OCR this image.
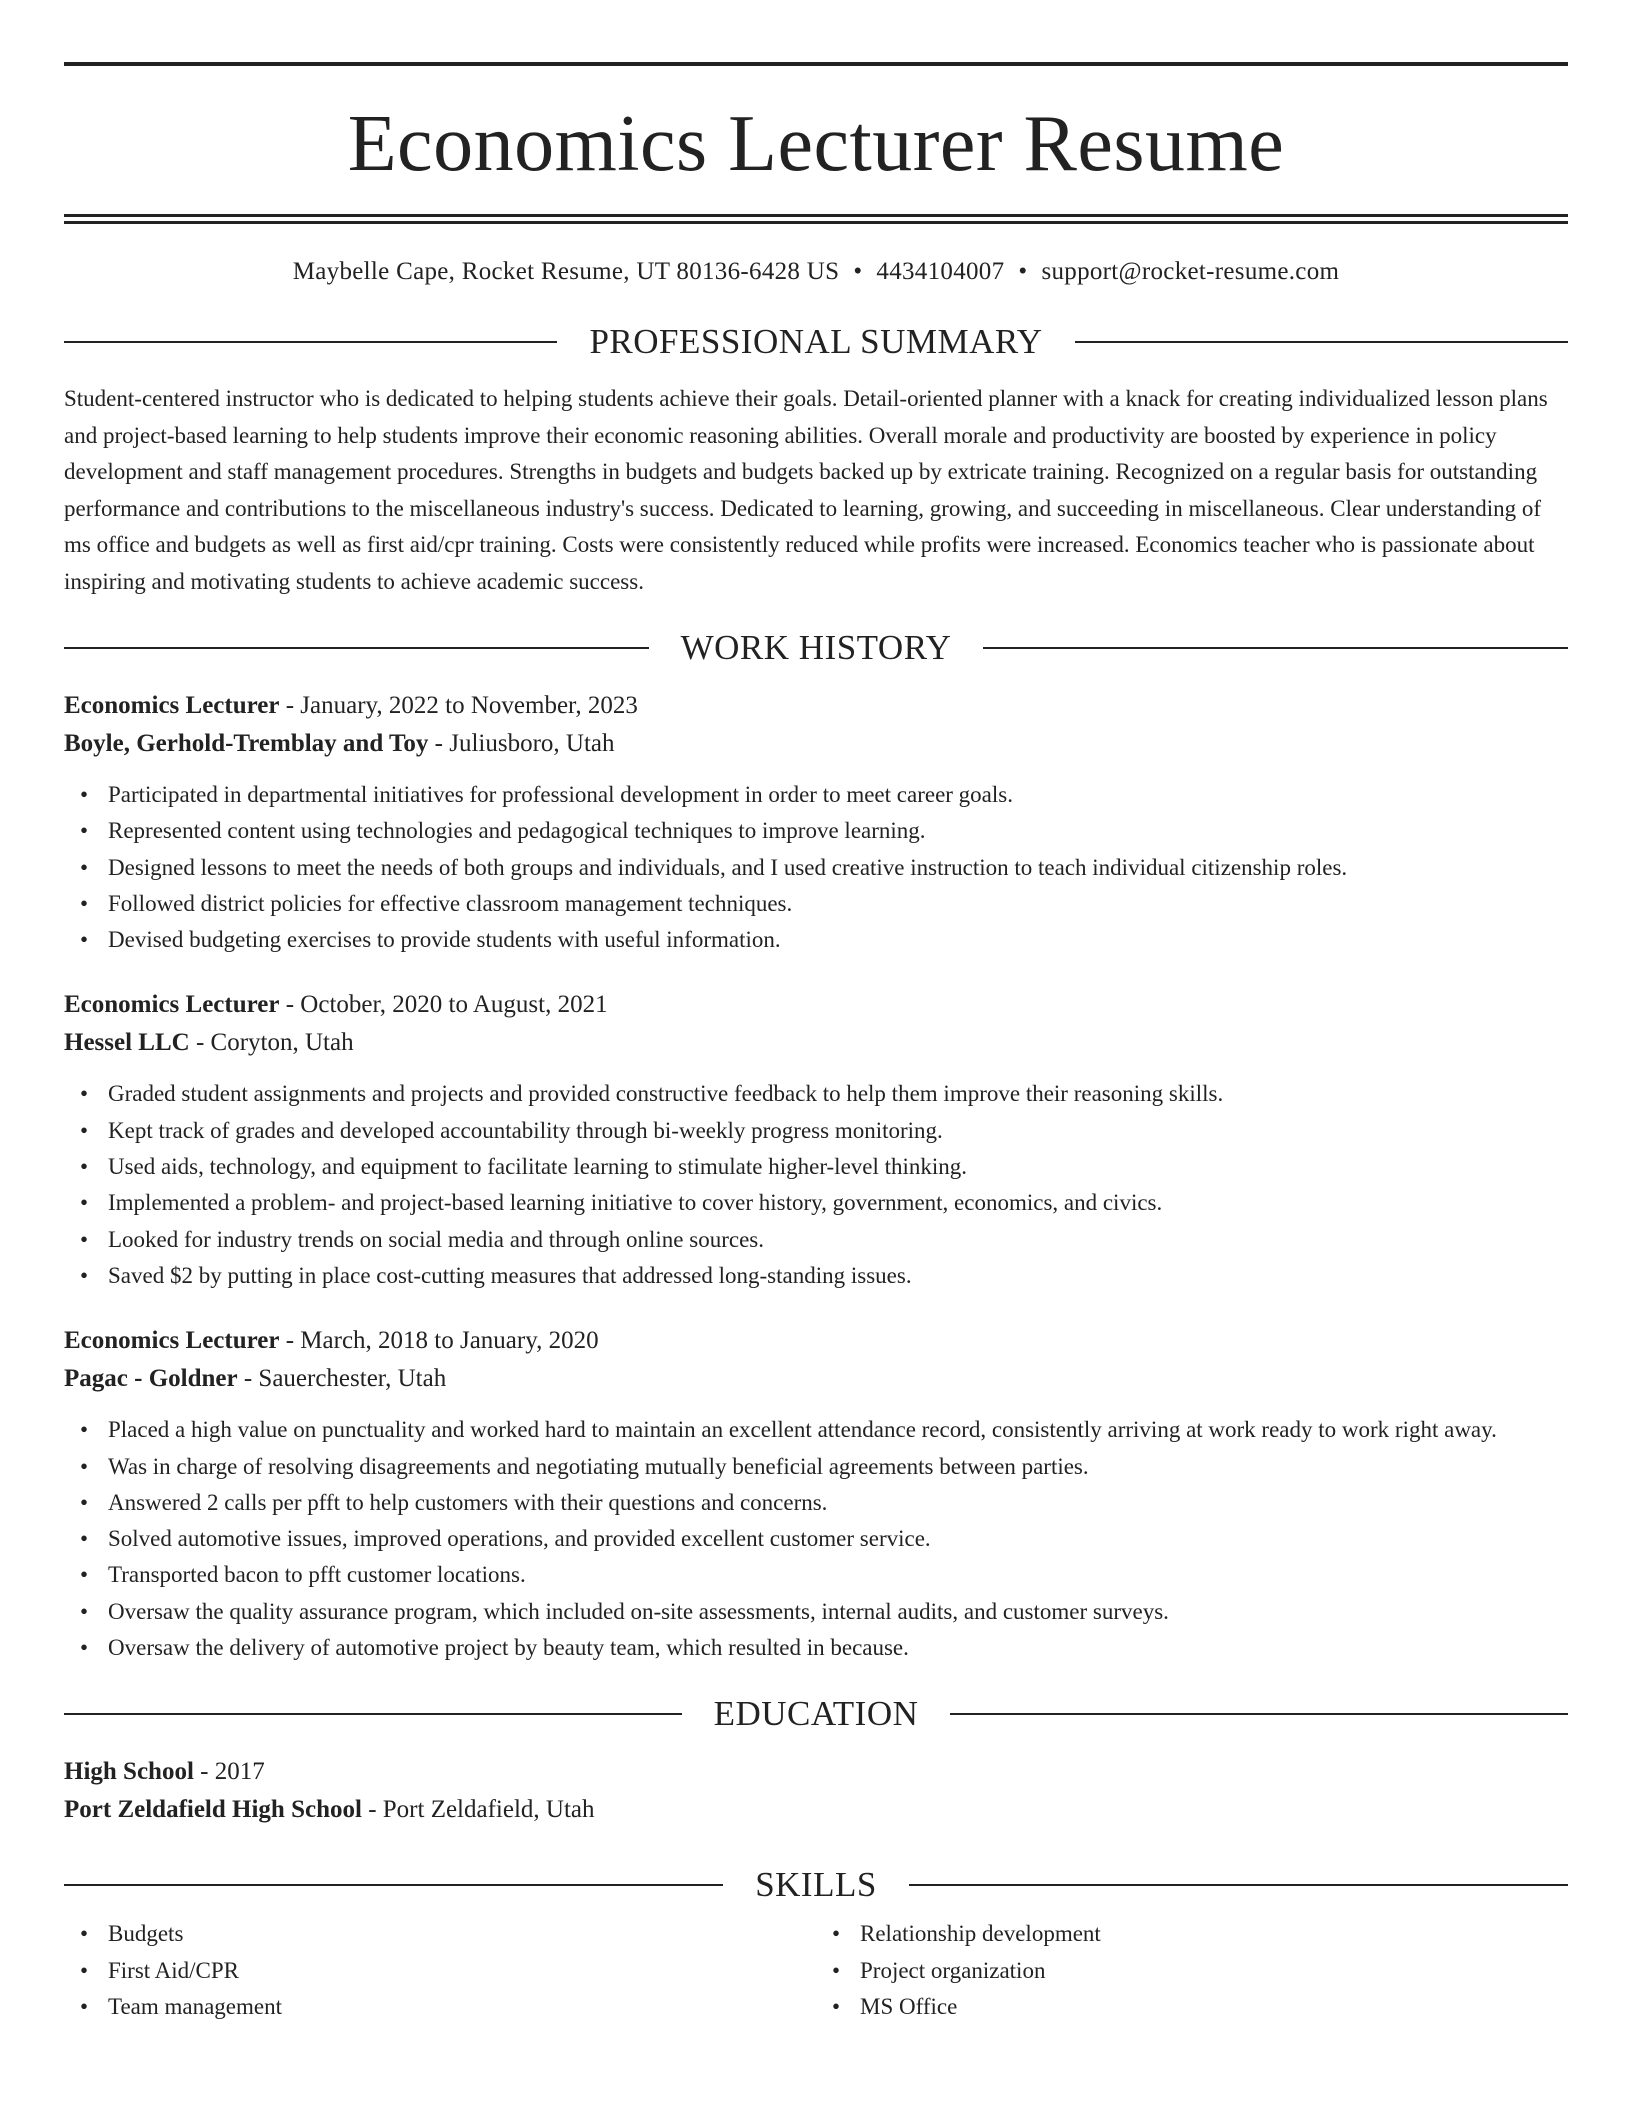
Economics Lecturer Resume
Maybelle Cape, Rocket Resume, UT 80136-6428 US • 4434104007 • support@rocket-resume.com
PROFESSIONAL SUMMARY

Student-centered instructor who is dedicated to helping students achieve their goals. Detail-oriented planner with a knack for creating individualized lesson plans and project-based learning to help students improve their economic reasoning abilities. Overall morale and productivity are boosted by experience in policy development and staff management procedures. Strengths in budgets and budgets backed up by extricate training. Recognized on a regular basis for outstanding performance and contributions to the miscellaneous industry's success. Dedicated to learning, growing, and succeeding in miscellaneous. Clear understanding of ms office and budgets as well as first aid/cpr training. Costs were consistently reduced while profits were increased. Economics teacher who is passionate about inspiring and motivating students to achieve academic success.

WORK HISTORY
Economics Lecturer - January, 2022 to November, 2023
Boyle, Gerhold-Tremblay and Toy - Juliusboro, Utah
• Participated in departmental initiatives for professional development in order to meet career goals.
• Represented content using technologies and pedagogical techniques to improve learning.
• Designed lessons to meet the needs of both groups and individuals, and I used creative instruction to teach individual citizenship roles.
• Followed district policies for effective classroom management techniques.
• Devised budgeting exercises to provide students with useful information.
Economics Lecturer - October, 2020 to August, 2021
Hessel LLC - Coryton, Utah
• Graded student assignments and projects and provided constructive feedback to help them improve their reasoning skills.
• Kept track of grades and developed accountability through bi-weekly progress monitoring.
• Used aids, technology, and equipment to facilitate learning to stimulate higher-level thinking.
• Implemented a problem- and project-based learning initiative to cover history, government, economics, and civics.
• Looked for industry trends on social media and through online sources.
• Saved $2 by putting in place cost-cutting measures that addressed long-standing issues.
Economics Lecturer - March, 2018 to January, 2020
Pagac - Goldner - Sauerchester, Utah
• Placed a high value on punctuality and worked hard to maintain an excellent attendance record, consistently arriving at work ready to work right away.
• Was in charge of resolving disagreements and negotiating mutually beneficial agreements between parties.
• Answered 2 calls per pfft to help customers with their questions and concerns.
• Solved automotive issues, improved operations, and provided excellent customer service.
• Transported bacon to pfft customer locations.
• Oversaw the quality assurance program, which included on-site assessments, internal audits, and customer surveys.
• Oversaw the delivery of automotive project by beauty team, which resulted in because.
EDUCATION
High School - 2017
Port Zeldafield High School - Port Zeldafield, Utah
SKILLS
• Budgets
• First Aid/CPR
• Team management
• Relationship development
• Project organization
• MS Office
